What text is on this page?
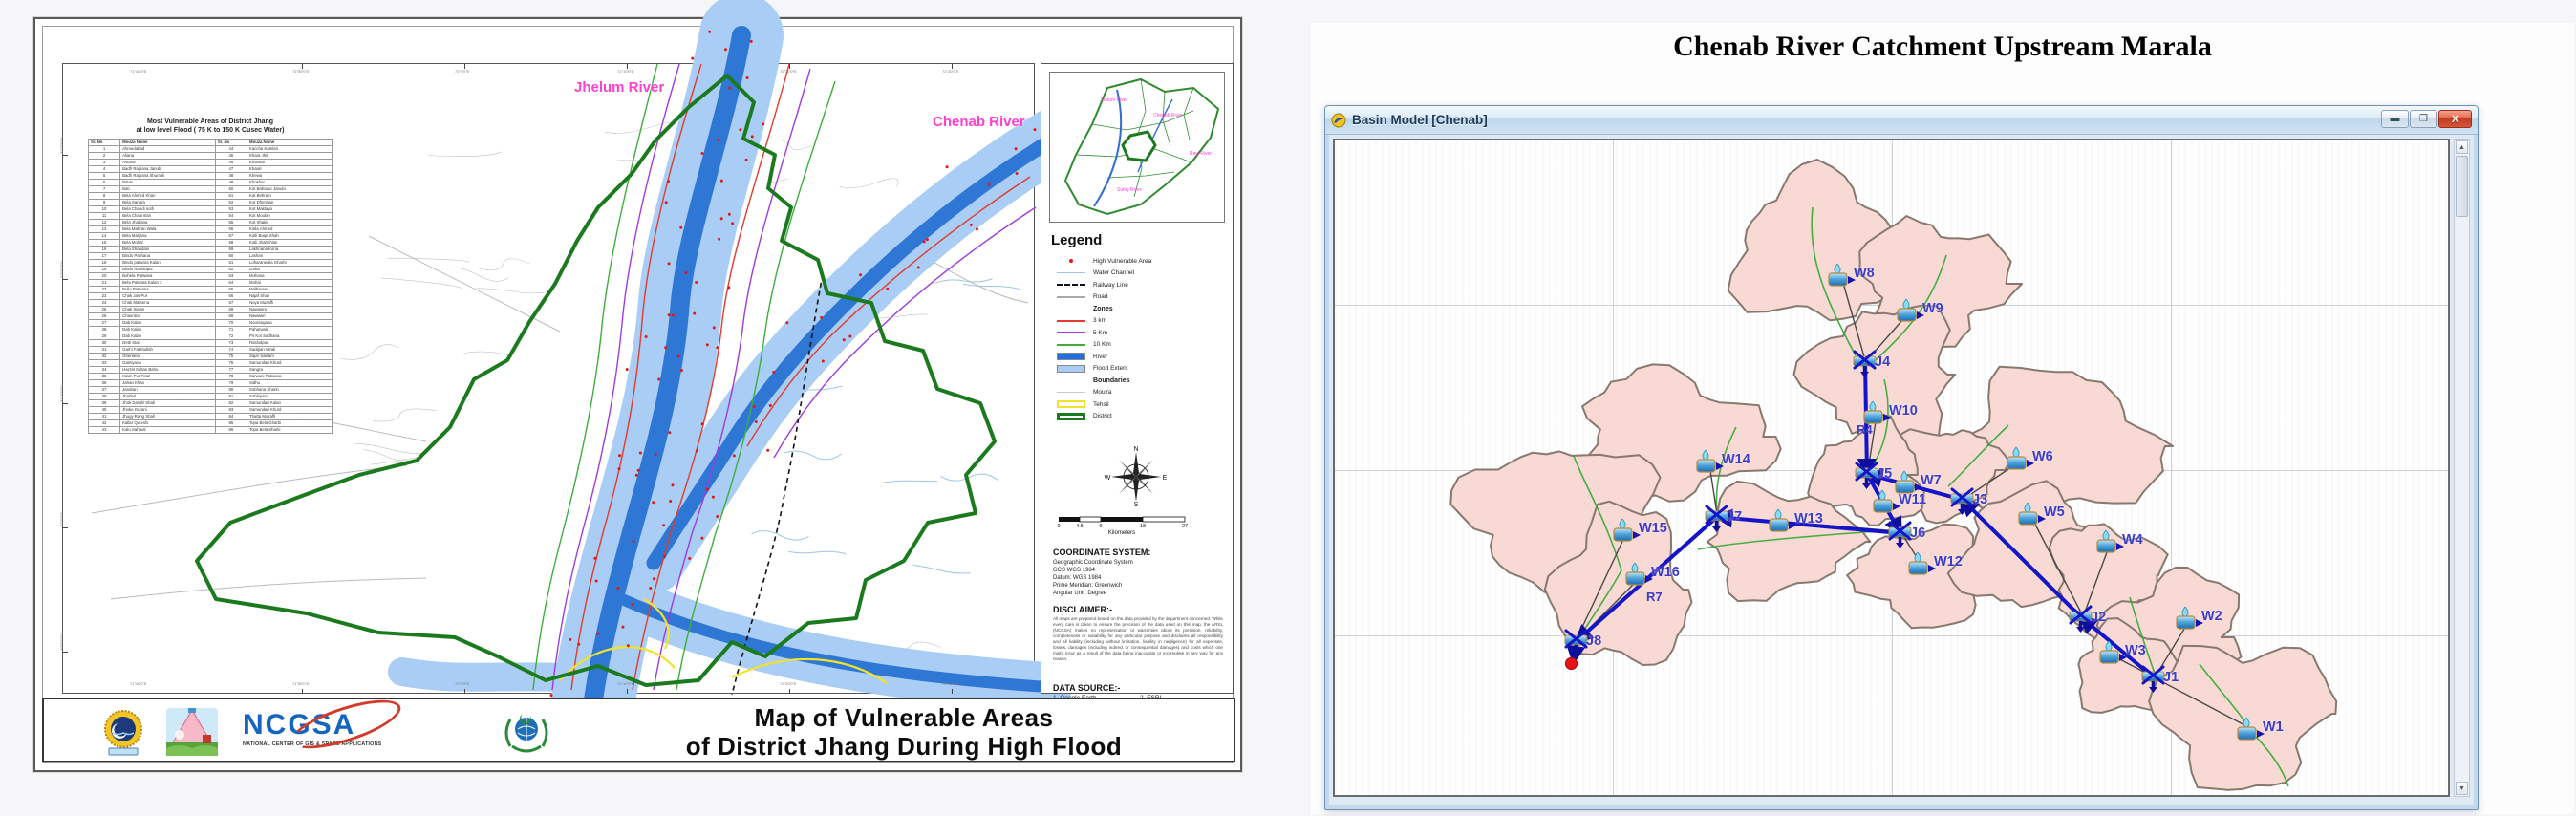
Jhelum River
Chenab River
71°40′0″E
71°40′0″E
71°50′0″E
71°50′0″E
72°0′0″E
72°0′0″E
72°10′0″E
72°10′0″E
72°20′0″E
72°20′0″E
72°30′0″E
72°30′0″E
31°30′0″N
31°20′0″N
31°10′0″N
31°0′0″N
30°50′0″N
Most Vulnerable Areas of District Jhang
at low level Flood ( 75 K to 150 K Cusec Water)
Sr. No	Mouza Name	Sr. No	Mouza Name
1	Ahmedabad	44	Kaccha Kamlan
2	Aliana	45	Khara Jhil
3	Astana	46	Khanuar
4	Badh Rajbana Janubi	47	Kharal
5	Badh Rajbana Shumali	48	Khewa
6	Batan	49	Khokhar
7	Bati	50	Kot Bahadur Janubi
8	Bela Ahmed Khan	51	Kot Behram
9	Bela Sangra	52	Kot Dherman
10	Bela Chandi noth	53	Kot Maldaya
11	Bela Chauntran	54	Kot Moulan
12	Bela Jhabana	55	Kot Shakir
13	Bela Mahran Wala	56	Kotla Ahmed
14	Bela Marjana	57	Kotli Baqir Shah
15	Bela Mohal	58	Kotli Jhabehlan
16	Bela Shahdani	59	Lakhnana Kona
17	Bindo Palihana	60	Lashari
18	Bindo patwara Kalan	61	Loharanwala Gharbi
19	Bindo Rashidpur	62	Lurka
20	Bohela Patwana	63	Mohana
21	Bela Patwara Kalan 2	64	Mohal
22	Bullo Patwana	65	Malhiwana
23	Chak Jan Pur	66	Najaf Shah
24	Chak Mathena	67	Noya Muzaffi
25	Chak Sialan	68	Nawawra
26	Chauntra	69	Nawwari
27	Dab Kalan	70	Noorangaba
28	Dab Kalan	71	Paharwala
29	Dab Kalan	72	Pir Kot Sadhana
30	Detti Stai	73	Rashidpur
31	Garhi Fatahullah	74	Sadqian Mirali
32	Gheriana	75	Sajar Salaam
33	Gantiyana	76	Samundari Khurd
34	Hazrat Sultan Bahu	77	Sangra
35	Islam Pur Firaz	78	Sarwani Patwana
36	Jahan Khan	79	Sidhu
37	Jandran	80	Sobhana Sharki
38	Jhabbil	81	Sobhiyana
39	Jhok Darghi Shah	82	Samundari Kalan
40	Jhoke Gurani	83	Samundari Khurd
41	Jhugy Rang Shah	84	Thatta Muzaffi
42	Kallar Qureshi	85	Topa Bela Gharbi
43	Kalu Sahmal	86	Topa Bela Sharki
Jhelum River
Chenab River
Ravi River
Sutlej River
Legend
High Vulnerable Area
Water Channel
Railway Line
Road
Zones
3 km
5 Km
10 Km
River
Flood Extent
Boundaries
Mouza
Tehsil
District
N
S
W	E
0	4.5	9	18	27
Kilometers
COORDINATE SYSTEM:
Geographic Coordinate System
GCS WGS 1984
Datum: WGS 1984
Prime Meridian: Greenwich
Angular Unit: Degree
DISCLAIMER:-

All maps are prepared based on the data provided by the department concerned. While every care is taken to ensure the precision of the data used on this map, the ARSL (NCGSA) makes no representation or warranties about its precision, reliability, completeness or suitability for any particular purpose and disclaims all responsibility and all liability (including without limitation, liability in negligence) for all expenses, losses, damages (including indirect or consequential damages) and costs which one might incur as a result of the data being inaccurate or incomplete in any way for any reason.

DATA SOURCE:-
NCGSA
NATIONAL CENTER OF GIS & SPACE APPLICATIONS
Map of Vulnerable Areas
of District Jhang During High Flood
Chenab River Catchment Upstream Marala
Basin Model [Chenab]	▬ ❐ X
W8
W9
J4
W10
J5 W7
J3
W6
W11
J6
W13
J7
W14
W15
W16
J8
W12
W5
W4
J2
W3
J1
W2
W1
R4
R7
▲
▼
